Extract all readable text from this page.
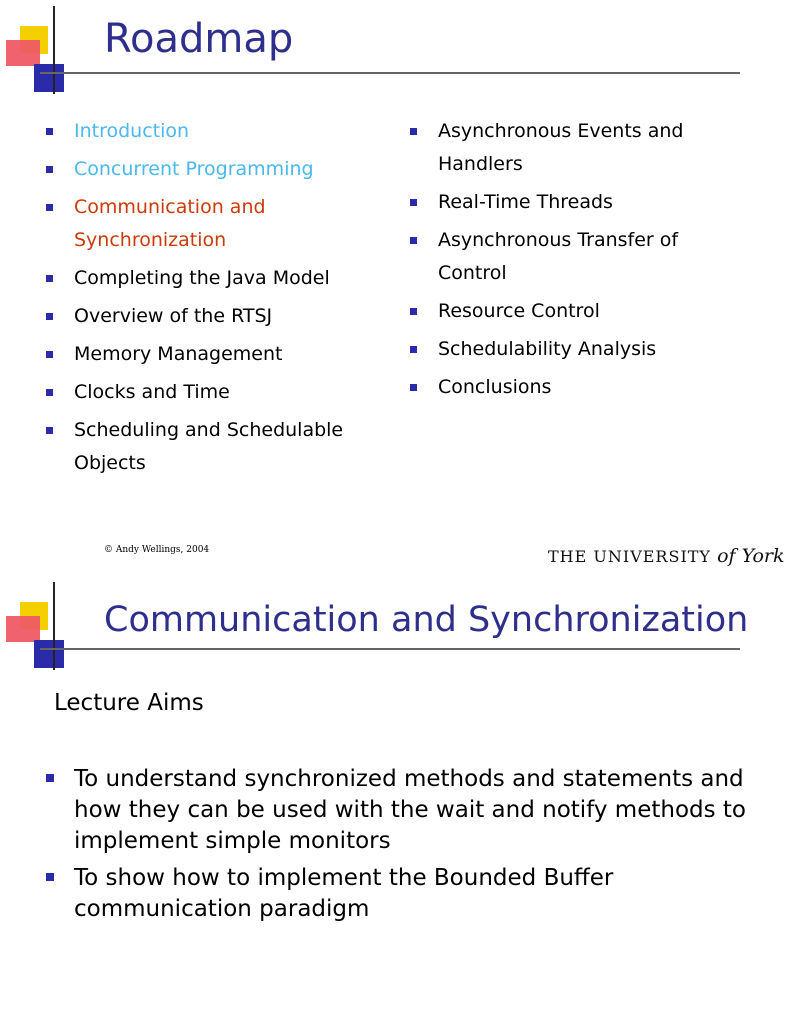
Roadmap
Introduction
Concurrent Programming
Communication and Synchronization
Completing the Java Model
Overview of the RTSJ
Memory Management
Clocks and Time
Scheduling and Schedulable Objects
Asynchronous Events and Handlers
Real-Time Threads
Asynchronous Transfer of Control
Resource Control
Schedulability Analysis
Conclusions
© Andy Wellings, 2004	THE UNIVERSITY of York
Communication and Synchronization
Lecture Aims
To understand synchronized methods and statements and how they can be used with the wait and notify methods to implement simple monitors
To show how to implement the Bounded Buffer communication paradigm
